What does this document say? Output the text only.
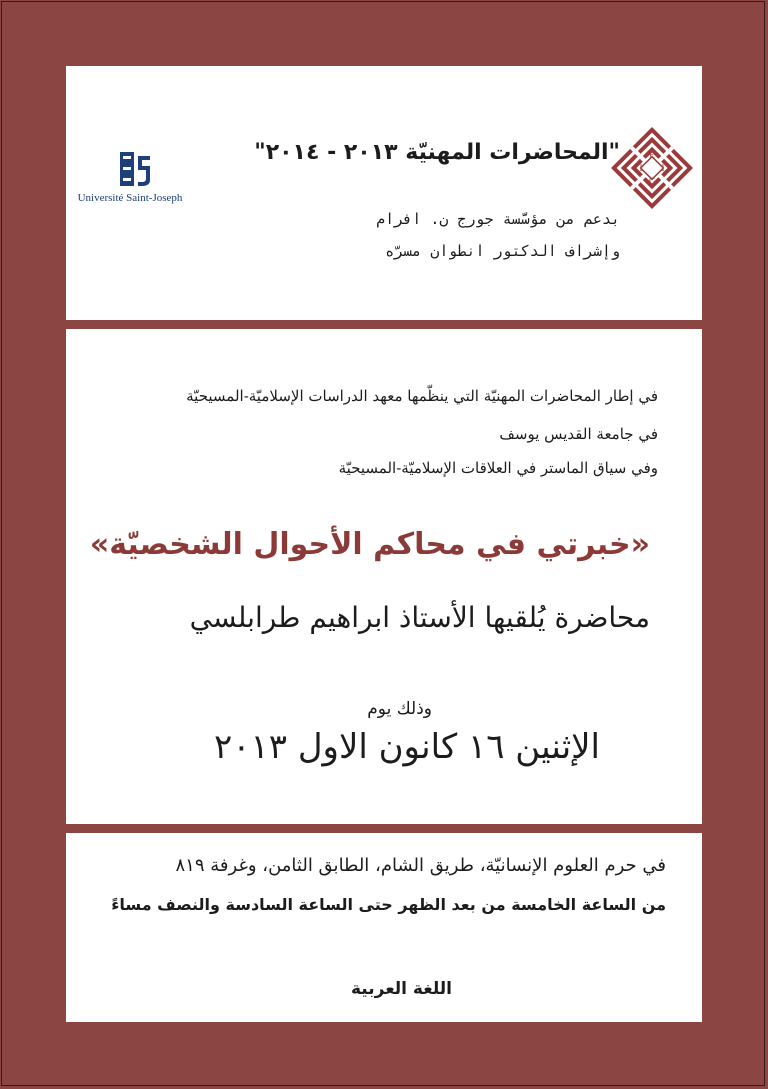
Université Saint-Joseph
E
I I
C
"المحاضرات المهنيّة ٢٠١٣ - ٢٠١٤"
بدعم من مؤسَّسة جورج ن. افرام
وإشراف الدكتور انطوان مسرّه
في إطار المحاضرات المهنيّة التي ينظّمها معهد الدراسات الإسلاميّة-المسيحيّة
في جامعة القديس يوسف
وفي سياق الماستر في العلاقات الإسلاميّة-المسيحيّة
«خبرتي في محاكم الأحوال الشخصيّة»
محاضرة يُلقيها الأستاذ ابراهيم طرابلسي
وذلك يوم
الإثنين ١٦ كانون الاول ٢٠١٣
في حرم العلوم الإنسانيّة، طريق الشام، الطابق الثامن، وغرفة ٨١٩
من الساعة الخامسة من بعد الظهر حتى الساعة السادسة والنصف مساءً
اللغة العربية
